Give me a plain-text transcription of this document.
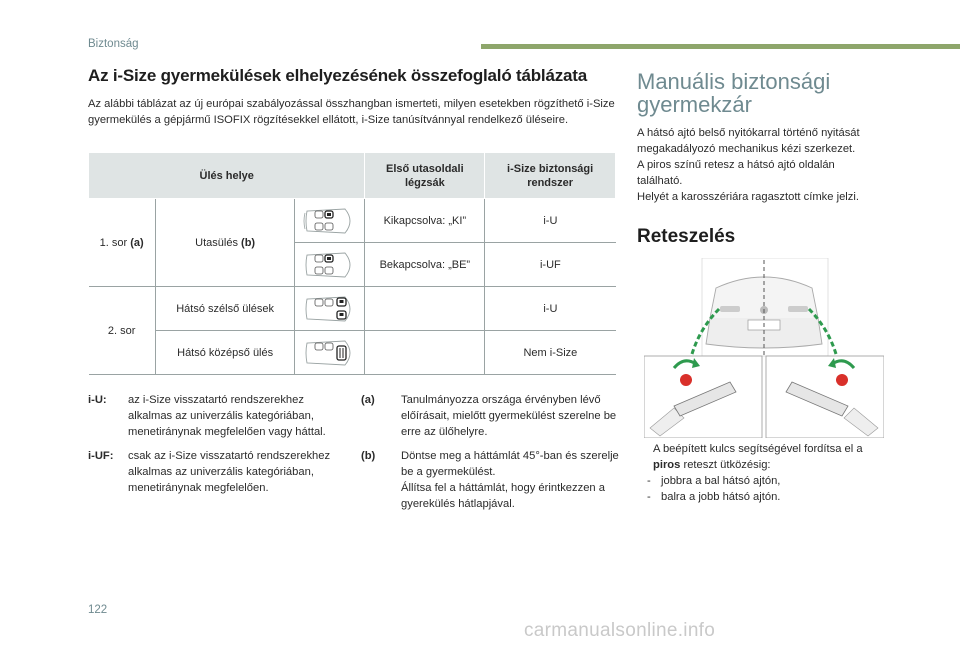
Biztonság
Az i-Size gyermekülések elhelyezésének összefoglaló táblázata
Az alábbi táblázat az új európai szabályozással összhangban ismerteti, milyen esetekben rögzíthető i-Size gyermekülés a gépjármű ISOFIX rögzítésekkel ellátott, i-Size tanúsítvánnyal rendelkező üléseire.
Ülés helye			Első utasoldali légzsák	i-Size biztonsági rendszer
1. sor (a)	Utasülés (b)		Kikapcsolva: „KI”	i-U
	Bekapcsolva: „BE”	i-UF
2. sor	Hátsó szélső ülések			i-U
	Hátsó középső ülés			Nem i-Size
i-U:	az i-Size visszatartó rendszerekhez alkalmas az univerzális kategóriában, menetiránynak megfelelően vagy háttal.
i-UF:	csak az i-Size visszatartó rendszerekhez alkalmas az univerzális kategóriában, menetiránynak megfelelően.
(a)	Tanulmányozza országa érvényben lévő előírásait, mielőtt gyermekülést szerelne be erre az ülőhelyre.
(b)	Döntse meg a háttámlát 45°-ban és szerelje be a gyermekülést.
Állítsa fel a háttámlát, hogy érintkezzen a gyerekülés hátlapjával.
Manuális biztonsági gyermekzár
A hátsó ajtó belső nyitókarral történő nyitását megakadályozó mechanikus kézi szerkezet.
A piros színű retesz a hátsó ajtó oldalán található.
Helyét a karosszériára ragasztott címke jelzi.
Reteszelés
A beépített kulcs segítségével fordítsa el a piros reteszt ütközésig:
- jobbra a bal hátsó ajtón,
- balra a jobb hátsó ajtón.
122
carmanualsonline.info
